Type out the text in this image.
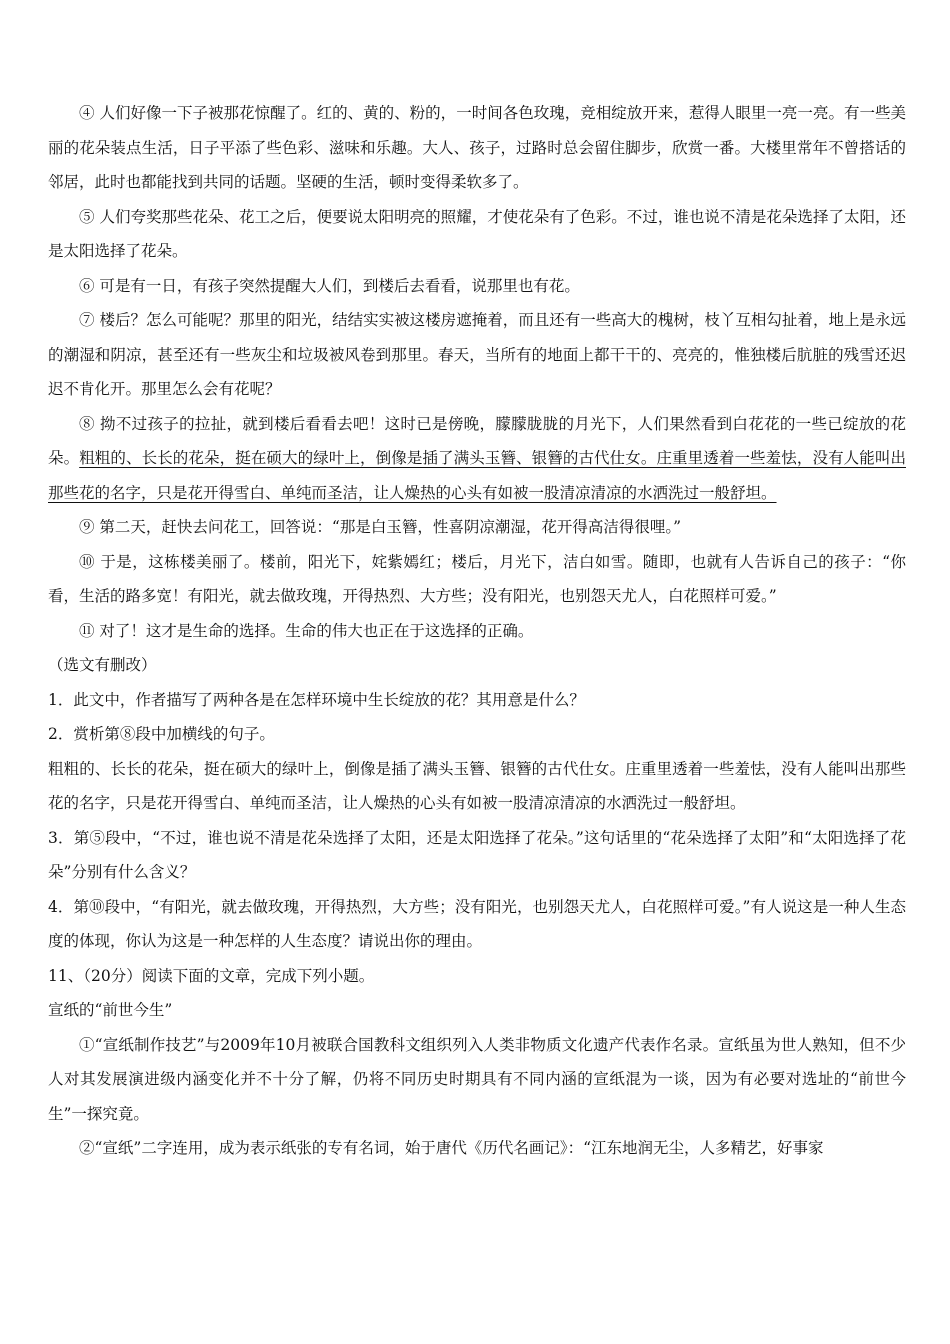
④ 人们好像一下子被那花惊醒了。红的、黄的、粉的，一时间各色玫瑰，竞相绽放开来，惹得人眼里一亮一亮。有一些美丽的花朵装点生活，日子平添了些色彩、滋味和乐趣。大人、孩子，过路时总会留住脚步，欣赏一番。大楼里常年不曾搭话的邻居，此时也都能找到共同的话题。坚硬的生活，顿时变得柔软多了。

⑤ 人们夸奖那些花朵、花工之后，便要说太阳明亮的照耀，才使花朵有了色彩。不过，谁也说不清是花朵选择了太阳，还是太阳选择了花朵。

⑥ 可是有一日，有孩子突然提醒大人们，到楼后去看看，说那里也有花。

⑦ 楼后？怎么可能呢？那里的阳光，结结实实被这楼房遮掩着，而且还有一些高大的槐树，枝丫互相勾扯着，地上是永远的潮湿和阴凉，甚至还有一些灰尘和垃圾被风卷到那里。春天，当所有的地面上都干干的、亮亮的，惟独楼后肮脏的残雪还迟迟不肯化开。那里怎么会有花呢？

⑧ 拗不过孩子的拉扯，就到楼后看看去吧！这时已是傍晚，朦朦胧胧的月光下，人们果然看到白花花的一些已绽放的花朵。粗粗的、长长的花朵，挺在硕大的绿叶上，倒像是插了满头玉簪、银簪的古代仕女。庄重里透着一些羞怯，没有人能叫出那些花的名字，只是花开得雪白、单纯而圣洁，让人燥热的心头有如被一股清凉清凉的水洒洗过一般舒坦。

⑨ 第二天，赶快去问花工，回答说：“那是白玉簪，性喜阴凉潮湿，花开得高洁得很哩。”

⑩ 于是，这栋楼美丽了。楼前，阳光下，姹紫嫣红；楼后，月光下，洁白如雪。随即，也就有人告诉自己的孩子：“你看，生活的路多宽！有阳光，就去做玫瑰，开得热烈、大方些；没有阳光，也别怨天尤人，白花照样可爱。”

⑪ 对了！这才是生命的选择。生命的伟大也正在于这选择的正确。

（选文有删改）

1．此文中，作者描写了两种各是在怎样环境中生长绽放的花？其用意是什么？

2．赏析第⑧段中加横线的句子。

粗粗的、长长的花朵，挺在硕大的绿叶上，倒像是插了满头玉簪、银簪的古代仕女。庄重里透着一些羞怯，没有人能叫出那些花的名字，只是花开得雪白、单纯而圣洁，让人燥热的心头有如被一股清凉清凉的水洒洗过一般舒坦。

3．第⑤段中，“不过，谁也说不清是花朵选择了太阳，还是太阳选择了花朵。”这句话里的“花朵选择了太阳”和“太阳选择了花朵”分别有什么含义？

4．第⑩段中，“有阳光，就去做玫瑰，开得热烈，大方些；没有阳光，也别怨天尤人，白花照样可爱。”有人说这是一种人生态度的体现，你认为这是一种怎样的人生态度？请说出你的理由。

11、（20分）阅读下面的文章，完成下列小题。

宣纸的“前世今生”

①“宣纸制作技艺”与2009年10月被联合国教科文组织列入人类非物质文化遗产代表作名录。宣纸虽为世人熟知，但不少人对其发展演进级内涵变化并不十分了解，仍将不同历史时期具有不同内涵的宣纸混为一谈，因为有必要对选址的“前世今生”一探究竟。

②“宣纸”二字连用，成为表示纸张的专有名词，始于唐代《历代名画记》：“江东地润无尘，人多精艺，好事家
